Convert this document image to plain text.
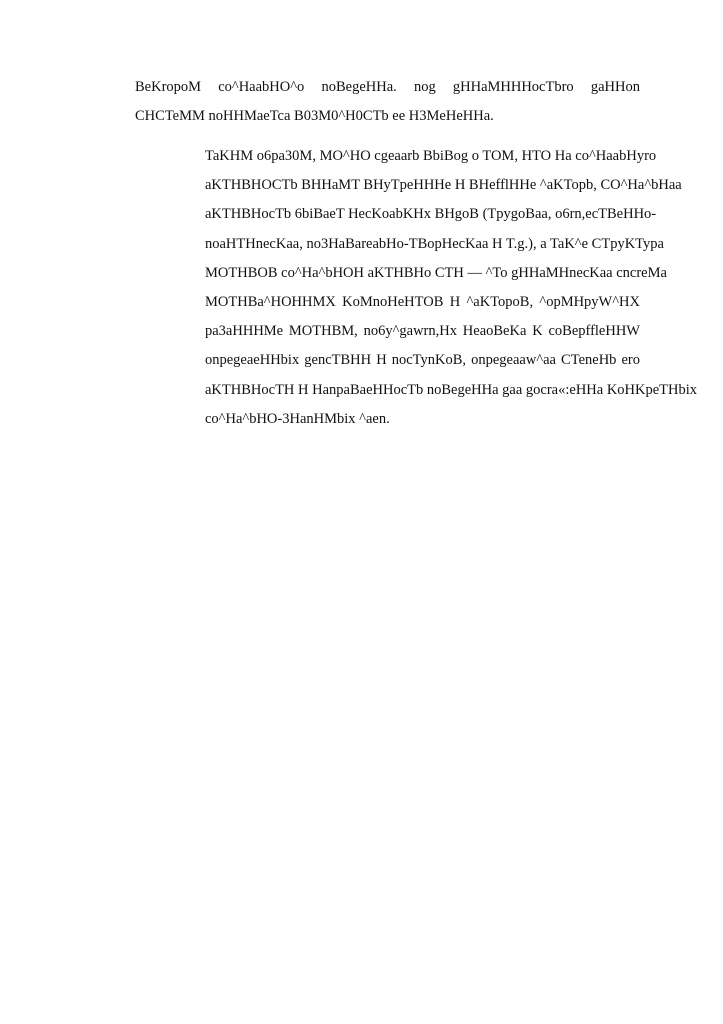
BeKropoM co^HaabHO^o noBegeHHa. nog gHHaMHHHocTbro gaHHon
CHCTeMM noHHMaeTca B03M0^H0CTb ee H3MeHeHHa.
TaKHM o6pa30M, MO^HO cgeaarb BbiBog o TOM, HTO Ha co^HaabHyro
aKTHBHOCTb BHHaMT BHyTpeHHHe H BHefflHHe ^aKTopb, CO^Ha^bHaa
aKTHBHocTb 6biBaeT HecKoabKHx BHgoB (TpygoBaa, o6rn,ecTBeHHo-
noaHTHnecKaa, no3HaBareabHo-TBopHecKaa H T.g.), a TaK^e CTpyKTypa
MOTHBOB co^Ha^bHOH aKTHBHo CTH — ^To gHHaMHnecKaa cncreMa
MOTHBa^HOHHMX KoMnoHeHTOB H ^aKTopoB, ^opMHpyW^HX
pa3aHHHMe MOTHBM, no6y^gawrn,Hx HeaoBeKa K coBepfflеHHW
onpegeaeHHbix gencTBHH H nocTynKoB, onpegeaaw^aa CTeneHb ero
aKTHBHocTH H HanpaBaeHHocTb noBegeHHa gaa gocra«:eHHa KoHKpeTHbix
co^Ha^bHO-3HanHMbix ^aen.
